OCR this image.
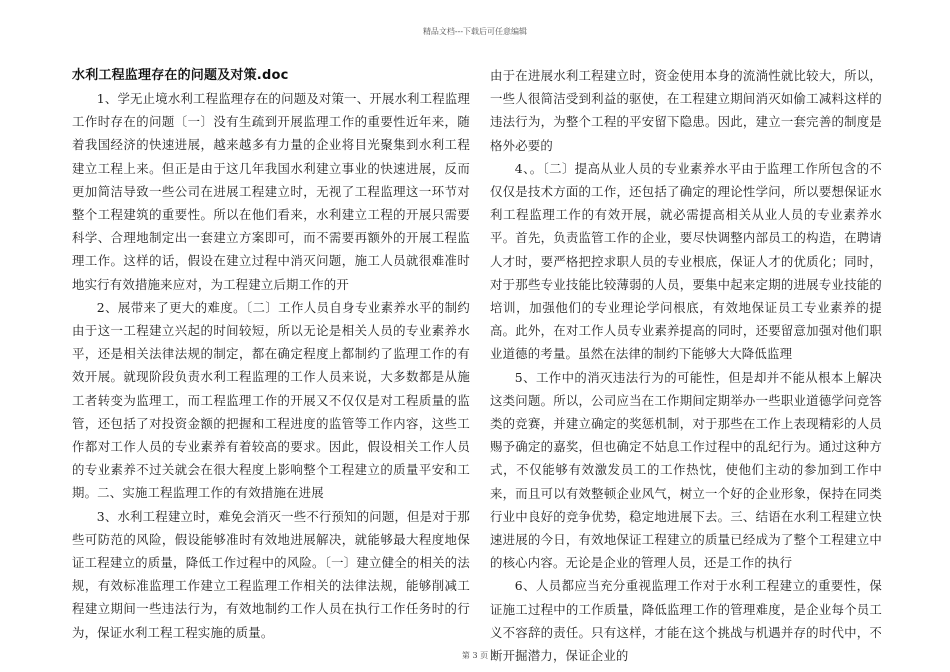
精品文档---下载后可任意编辑
水利工程监理存在的问题及对策.doc

1、学无止境水利工程监理存在的问题及对策一、开展水利工程监理工作时存在的问题〔一〕没有生疏到开展监理工作的重要性近年来，随着我国经济的快速进展，越来越多有力量的企业将目光聚集到水利工程建立工程上来。但正是由于这几年我国水利建立事业的快速进展，反而更加简洁导致一些公司在进展工程建立时，无视了工程监理这一环节对整个工程建筑的重要性。所以在他们看来，水利建立工程的开展只需要科学、合理地制定出一套建立方案即可，而不需要再额外的开展工程监理工作。这样的话，假设在建立过程中消灭问题，施工人员就很难准时地实行有效措施来应对，为工程建立后期工作的开

2、展带来了更大的难度。〔二〕工作人员自身专业素养水平的制约由于这一工程建立兴起的时间较短，所以无论是相关人员的专业素养水平，还是相关法律法规的制定，都在确定程度上都制约了监理工作的有效开展。就现阶段负责水利工程监理的工作人员来说，大多数都是从施工者转变为监理工，而工程监理工作的开展又不仅仅是对工程质量的监管，还包括了对投资金额的把握和工程进度的监管等工作内容，这些工作都对工作人员的专业素养有着较高的要求。因此，假设相关工作人员的专业素养不过关就会在很大程度上影响整个工程建立的质量平安和工期。二、实施工程监理工作的有效措施在进展

3、水利工程建立时，难免会消灭一些不行预知的问题，但是对于那些可防范的风险，假设能够准时有效地进展解决，就能够最大程度地保证工程建立的质量，降低工作过程中的风险。〔一〕建立健全的相关的法规，有效标准监理工作建立工程监理工作相关的法律法规，能够削减工程建立期间一些违法行为，有效地制约工作人员在执行工作任务时的行为，保证水利工程工程实施的质量。

由于在进展水利工程建立时，资金使用本身的流淌性就比较大，所以，一些人很简洁受到利益的驱使，在工程建立期间消灭如偷工减料这样的违法行为，为整个工程的平安留下隐患。因此，建立一套完善的制度是格外必要的

4、。〔二〕提高从业人员的专业素养水平由于监理工作所包含的不仅仅是技术方面的工作，还包括了确定的理论性学问，所以要想保证水利工程监理工作的有效开展，就必需提高相关从业人员的专业素养水平。首先，负责监管工作的企业，要尽快调整内部员工的构造，在聘请人才时，要严格把控求职人员的专业根底，保证人才的优质化；同时，对于那些专业技能比较薄弱的人员，要集中起来定期的进展专业技能的培训，加强他们的专业理论学问根底，有效地保证员工专业素养的提高。此外，在对工作人员专业素养提高的同时，还要留意加强对他们职业道德的考量。虽然在法律的制约下能够大大降低监理

5、工作中的消灭违法行为的可能性，但是却并不能从根本上解决这类问题。所以，公司应当在工作期间定期举办一些职业道德学问竞答类的竞赛，并建立确定的奖惩机制，对于那些在工作上表现精彩的人员赐予确定的嘉奖，但也确定不姑息工作过程中的乱纪行为。通过这种方式，不仅能够有效激发员工的工作热忱，使他们主动的参加到工作中来，而且可以有效整顿企业风气，树立一个好的企业形象，保持在同类行业中良好的竞争优势，稳定地进展下去。三、结语在水利工程建立快速进展的今日，有效地保证工程建立的质量已经成为了整个工程建立中的核心内容。无论是企业的管理人员，还是工作的执行

6、人员都应当充分重视监理工作对于水利工程建立的重要性，保证施工过程中的工作质量，降低监理工作的管理难度，是企业每个员工义不容辞的责任。只有这样，才能在这个挑战与机遇并存的时代中，不断开掘潜力，保证企业的

第 3 页
